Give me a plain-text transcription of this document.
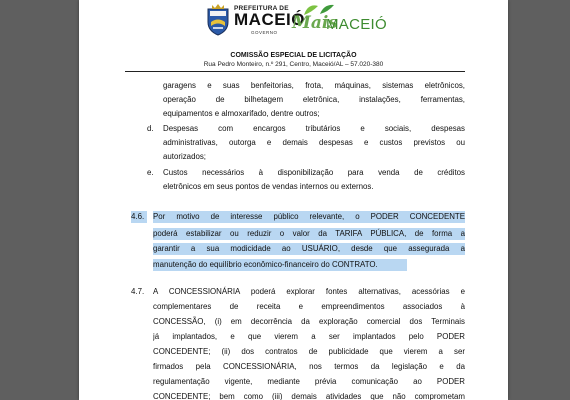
PREFEITURA DE
MACEIÓ
GOVERNO Mais
MACEIÓ
COMISSÃO ESPECIAL DE LICITAÇÃO
Rua Pedro Monteiro, n.º 291, Centro, Maceió/AL – 57.020-380
garagens e suas benfeitorias, frota, máquinas, sistemas eletrônicos,
operação de bilhetagem eletrônica, instalações, ferramentas,
equipamentos e almoxarifado, dentre outros;
d. Despesas com encargos tributários e sociais, despesas
administrativas, outorga e demais despesas e custos previstos ou
autorizados;
e. Custos necessários à disponibilização para venda de créditos
eletrônicos em seus pontos de vendas internos ou externos.
4.6.	Por motivo de interesse público relevante, o PODER CONCEDENTE
poderá estabilizar ou reduzir o valor da TARIFA PÚBLICA, de forma a
garantir a sua modicidade ao USUÁRIO, desde que assegurada a
manutenção do equilíbrio econômico-financeiro do CONTRATO.
4.7. A CONCESSIONÁRIA poderá explorar fontes alternativas, acessórias e
complementares de receita e empreendimentos associados à
CONCESSÃO, (i) em decorrência da exploração comercial dos Terminais
já implantados, e que vierem a ser implantados pelo PODER
CONCEDENTE; (ii) dos contratos de publicidade que vierem a ser
firmados pela CONCESSIONÁRIA, nos termos da legislação e da
regulamentação vigente, mediante prévia comunicação ao PODER
CONCEDENTE; bem como (iii) demais atividades que não comprometam
